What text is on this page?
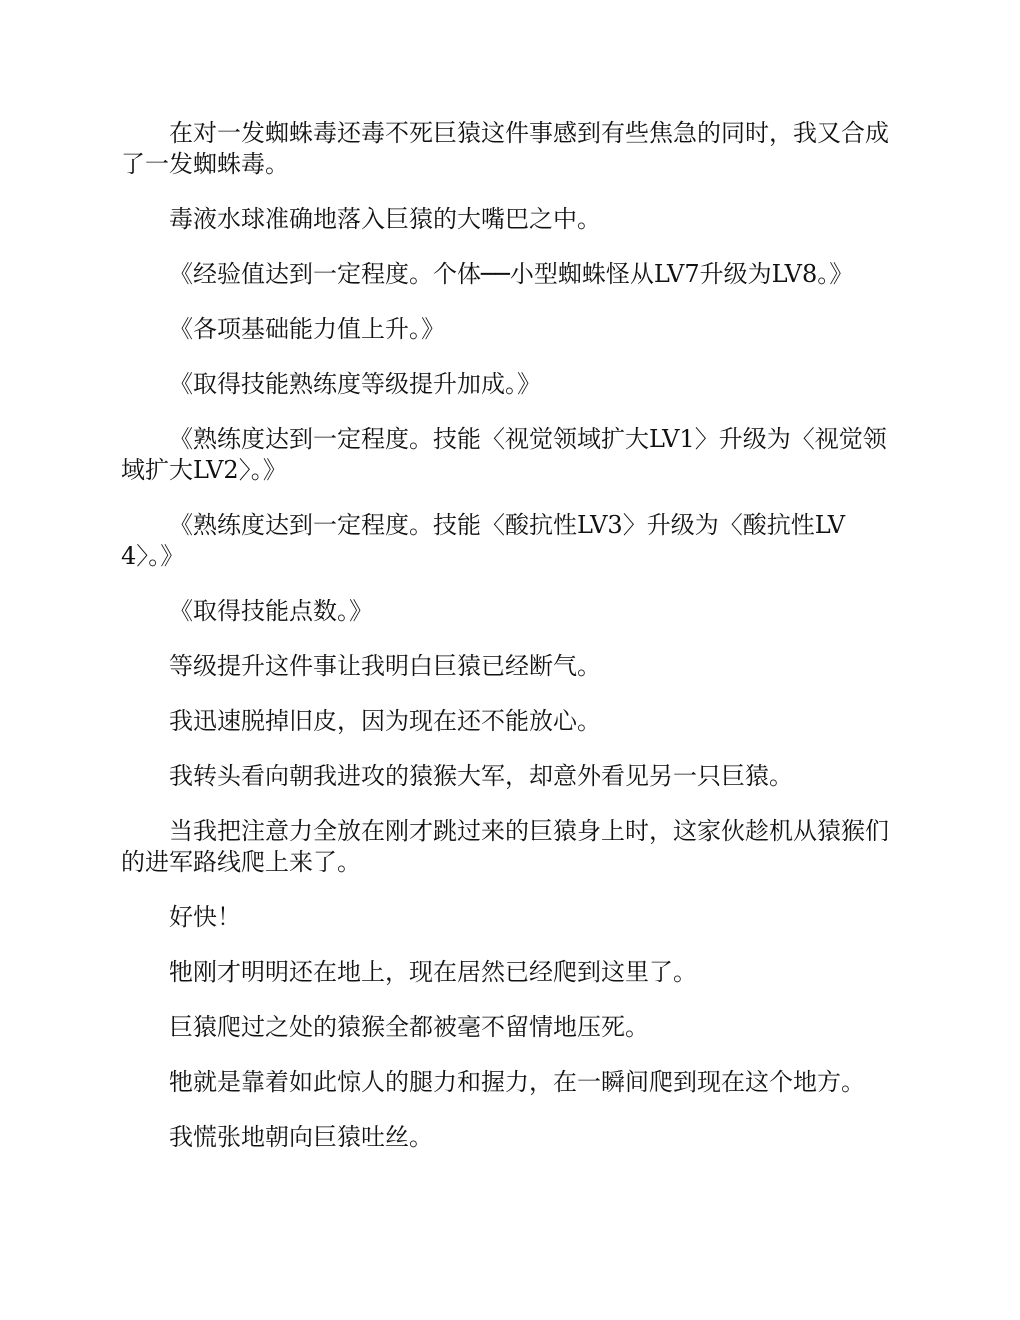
在对一发蜘蛛毒还毒不死巨猿这件事感到有些焦急的同时，我又合成了一发蜘蛛毒。

毒液水球准确地落入巨猿的大嘴巴之中。

《经验值达到一定程度。个体──小型蜘蛛怪从LV7升级为LV8。》

《各项基础能力值上升。》

《取得技能熟练度等级提升加成。》

《熟练度达到一定程度。技能〈视觉领域扩大LV1〉升级为〈视觉领域扩大LV2〉。》

《熟练度达到一定程度。技能〈酸抗性LV3〉升级为〈酸抗性LV4〉。》

《取得技能点数。》

等级提升这件事让我明白巨猿已经断气。

我迅速脱掉旧皮，因为现在还不能放心。

我转头看向朝我进攻的猿猴大军，却意外看见另一只巨猿。

当我把注意力全放在刚才跳过来的巨猿身上时，这家伙趁机从猿猴们的进军路线爬上来了。

好快！

牠刚才明明还在地上，现在居然已经爬到这里了。

巨猿爬过之处的猿猴全都被毫不留情地压死。

牠就是靠着如此惊人的腿力和握力，在一瞬间爬到现在这个地方。

我慌张地朝向巨猿吐丝。
